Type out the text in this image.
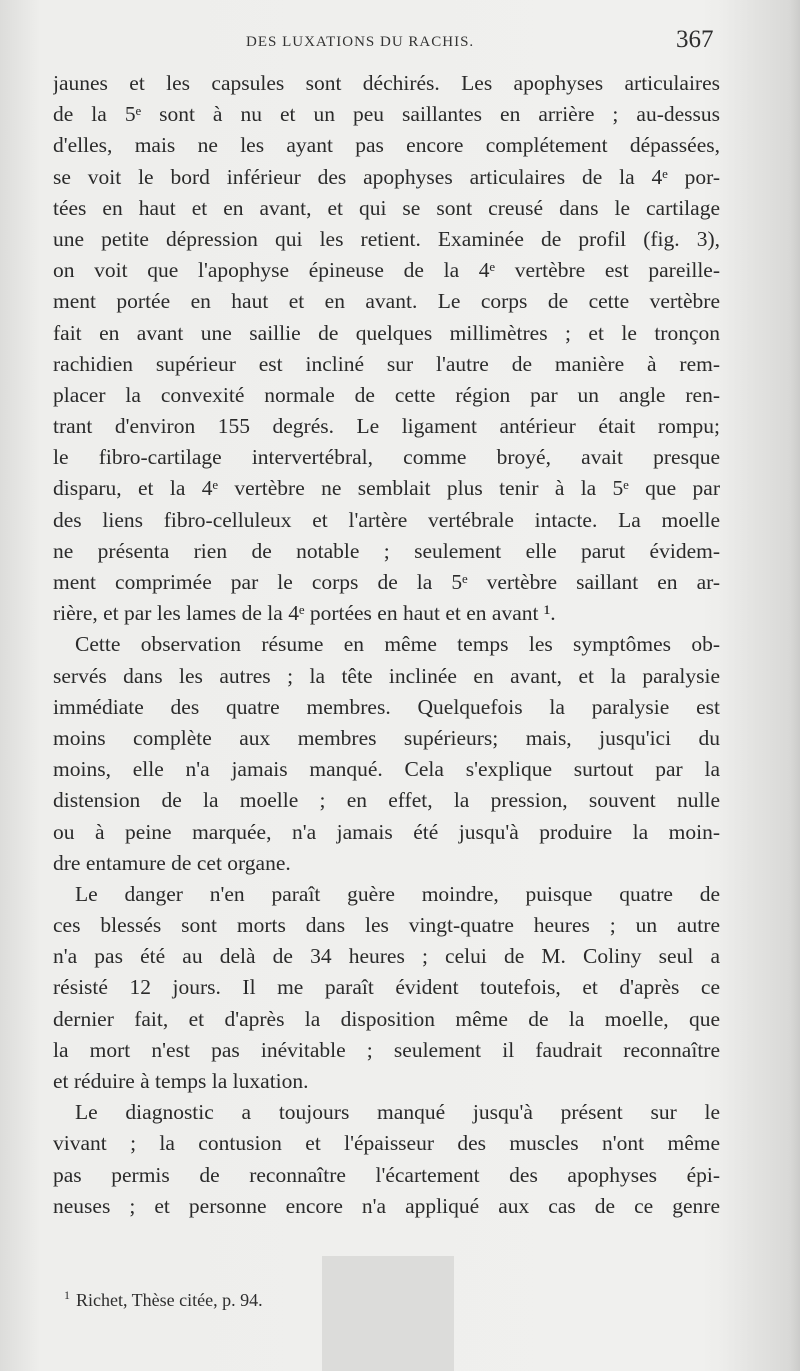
DES LUXATIONS DU RACHIS.	367
jaunes et les capsules sont déchirés. Les apophyses articulaires
de la 5ᵉ sont à nu et un peu saillantes en arrière ; au-dessus
d'elles, mais ne les ayant pas encore complétement dépassées,
se voit le bord inférieur des apophyses articulaires de la 4ᵉ por-
tées en haut et en avant, et qui se sont creusé dans le cartilage
une petite dépression qui les retient. Examinée de profil (fig. 3),
on voit que l'apophyse épineuse de la 4ᵉ vertèbre est pareille-
ment portée en haut et en avant. Le corps de cette vertèbre
fait en avant une saillie de quelques millimètres ; et le tronçon
rachidien supérieur est incliné sur l'autre de manière à rem-
placer la convexité normale de cette région par un angle ren-
trant d'environ 155 degrés. Le ligament antérieur était rompu;
le fibro-cartilage intervertébral, comme broyé, avait presque
disparu, et la 4ᵉ vertèbre ne semblait plus tenir à la 5ᵉ que par
des liens fibro-celluleux et l'artère vertébrale intacte. La moelle
ne présenta rien de notable ; seulement elle parut évidem-
ment comprimée par le corps de la 5ᵉ vertèbre saillant en ar-
rière, et par les lames de la 4ᵉ portées en haut et en avant ¹.
Cette observation résume en même temps les symptômes ob-
servés dans les autres ; la tête inclinée en avant, et la paralysie
immédiate des quatre membres. Quelquefois la paralysie est
moins complète aux membres supérieurs; mais, jusqu'ici du
moins, elle n'a jamais manqué. Cela s'explique surtout par la
distension de la moelle ; en effet, la pression, souvent nulle
ou à peine marquée, n'a jamais été jusqu'à produire la moin-
dre entamure de cet organe.
Le danger n'en paraît guère moindre, puisque quatre de
ces blessés sont morts dans les vingt-quatre heures ; un autre
n'a pas été au delà de 34 heures ; celui de M. Coliny seul a
résisté 12 jours. Il me paraît évident toutefois, et d'après ce
dernier fait, et d'après la disposition même de la moelle, que
la mort n'est pas inévitable ; seulement il faudrait reconnaître
et réduire à temps la luxation.
Le diagnostic a toujours manqué jusqu'à présent sur le
vivant ; la contusion et l'épaisseur des muscles n'ont même
pas permis de reconnaître l'écartement des apophyses épi-
neuses ; et personne encore n'a appliqué aux cas de ce genre
$^1$ Richet, Thèse citée, p. 94.
